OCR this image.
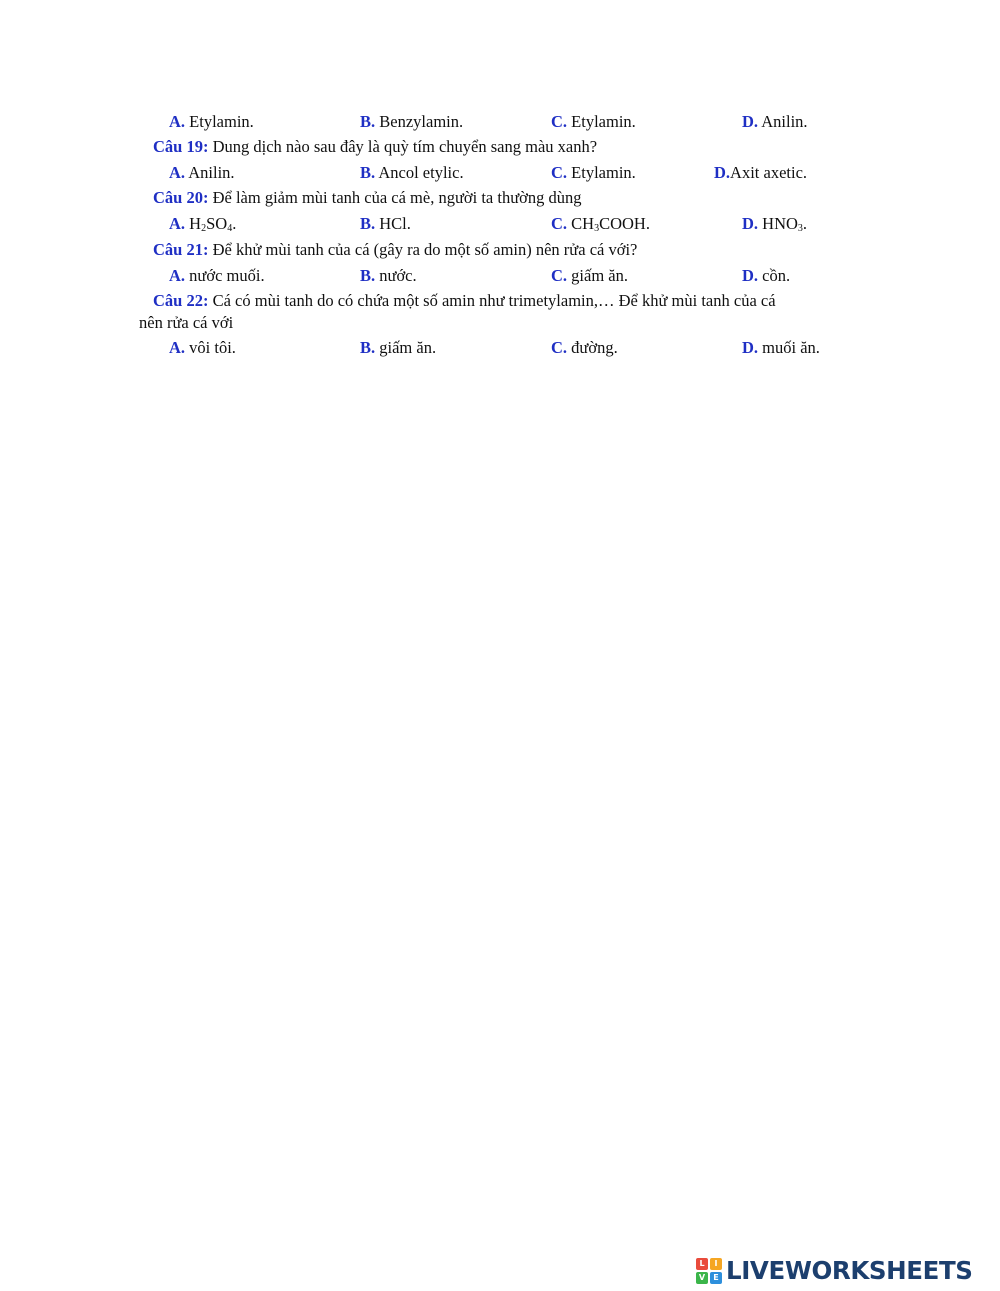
A. Etylamin.	B. Benzylamin.	C. Etylamin.	D. Anilin.
Câu 19: Dung dịch nào sau đây là quỳ tím chuyển sang màu xanh?
A. Anilin.	B. Ancol etylic.	C. Etylamin.	D.Axit axetic.
Câu 20: Để làm giảm mùi tanh của cá mè, người ta thường dùng
A. $H_2SO_4$.	B. HCl.	C. $CH_3COOH$.	D. $HNO_3$.
Câu 21: Để khử mùi tanh của cá (gây ra do một số amin) nên rửa cá với?
A. nước muối.	B. nước.	C. giấm ăn.	D. cồn.
Câu 22: Cá có mùi tanh do có chứa một số amin như trimetylamin,… Để khử mùi tanh của cá
nên rửa cá với
A. vôi tôi.	B. giấm ăn.	C. đường.	D. muối ăn.
L	I
V	E LIVEWORKSHEETS
